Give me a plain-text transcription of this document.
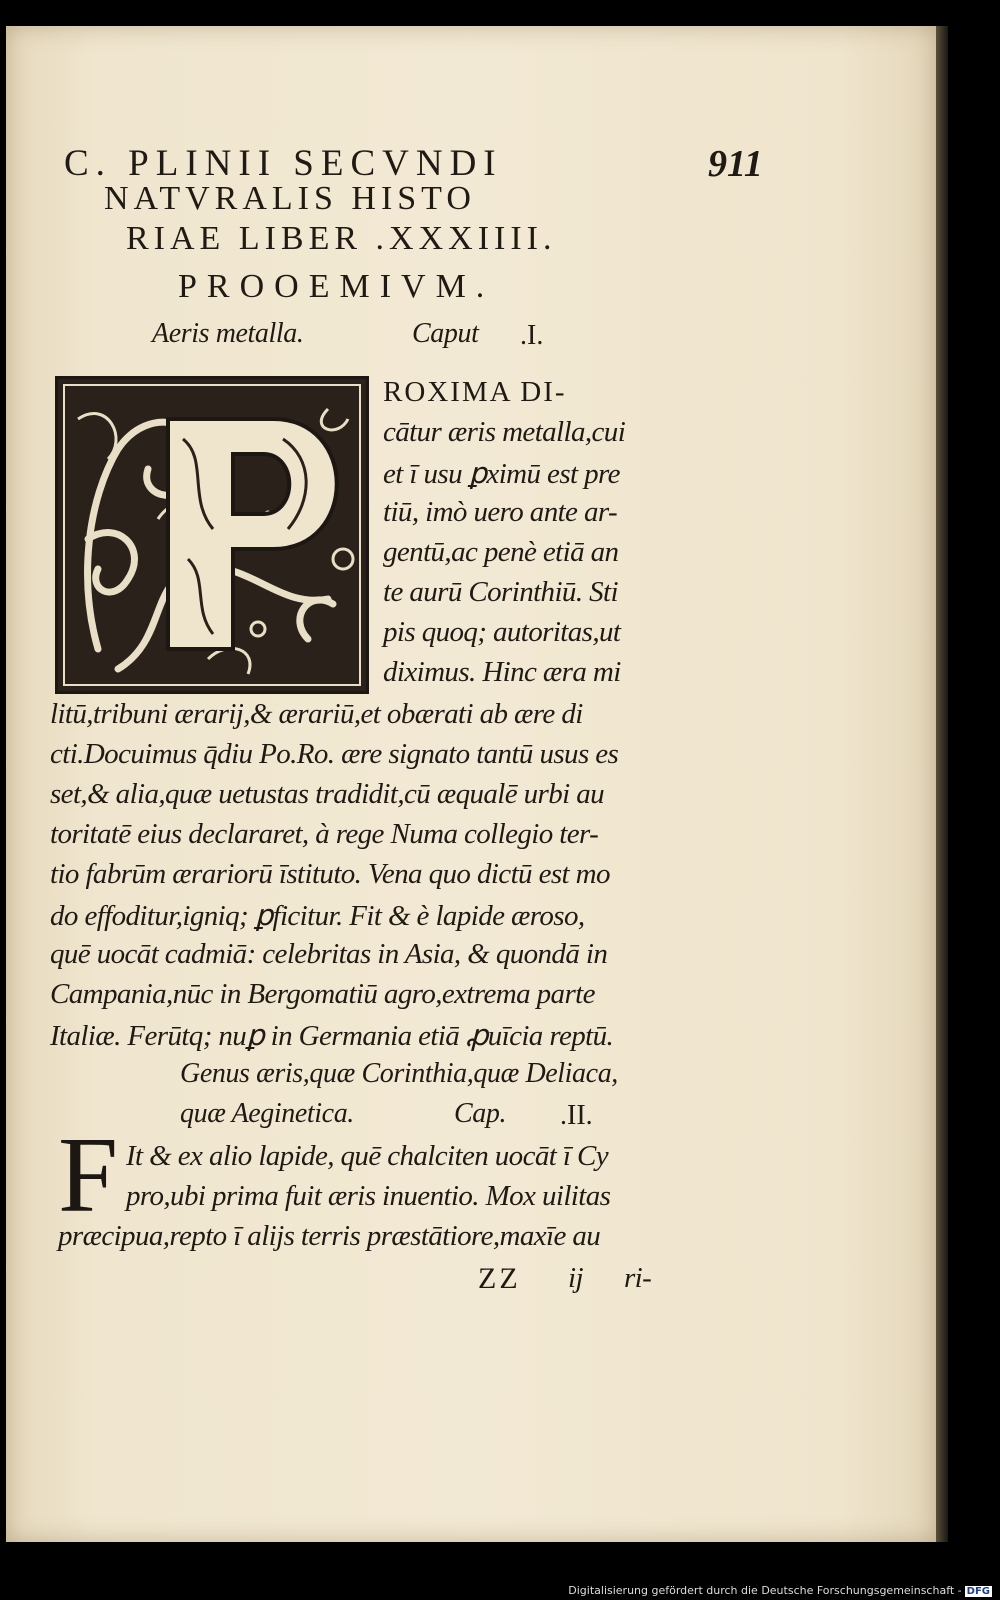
C. PLINII SECVNDI	911
NATVRALIS HISTO
RIAE LIBER .XXXIIII.
PROOEMIVM.
Aeris metalla.	Caput .I.
ROXIMA DI-
cātur æris metalla,cui
et ī usu ꝑximū est pre
tiū, imò uero ante ar-
gentū,ac penè etiā an
te aurū Corinthiū. Sti
pis quoq; autoritas,ut
diximus. Hinc æra mi
litū,tribuni ærarij,& ærariū,et obærati ab ære di
cti.Docuimus q̄diu Po.Ro. ære signato tantū usus es
set,& alia,quæ uetustas tradidit,cū æqualē urbi au
toritatē eius declararet, à rege Numa collegio ter-
tio fabrūm ærariorū īstituto. Vena quo dictū est mo
do effoditur,igniq; ꝑficitur. Fit & è lapide æroso,
quē uocāt cadmiā: celebritas in Asia, & quondā in
Campania,nūc in Bergomatiū agro,extrema parte
Italiæ. Ferūtq; nuꝑ in Germania etiā ꝓuīcia reptū.
Genus æris,quæ Corinthia,quæ Deliaca,
quæ Aeginetica.	Cap. .II.
F It & ex alio lapide, quē chalciten uocāt ī Cy
pro,ubi prima fuit æris inuentio. Mox uilitas
præcipua,repto ī alijs terris præstātiore,maxīe au
ZZ ij ri-
Digitalisierung gefördert durch die Deutsche Forschungsgemeinschaft - DFG
